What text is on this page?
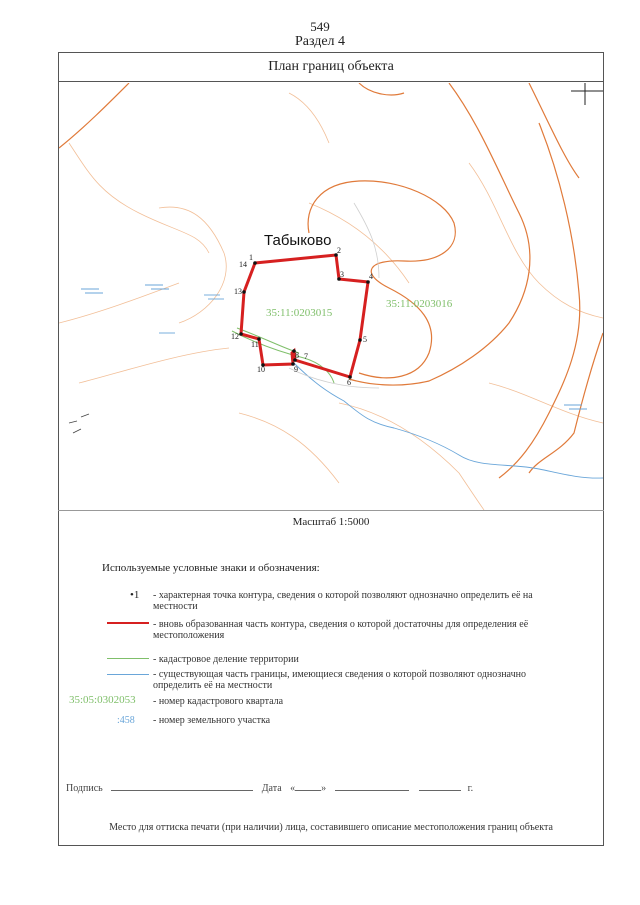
549
Раздел 4
План границ объекта
1
2
3	4
5
6
7
8
9
10
11
12
13
14
Табыково
35:11:0203015
35:11:0203016
Масштаб 1:5000
Используемые условные знаки и обозначения:
•1 - характерная точка контура, сведения о которой позволяют однозначно определить её на местности
- вновь образованная часть контура, сведения о которой достаточны для определения её местоположения
- кадастровое деление территории
- существующая часть границы, имеющиеся сведения о которой позволяют однозначно определить её на местности
35:05:0302053 - номер кадастрового квартала
:458 - номер земельного участка
Подпись	Дата «	»	г.
Место для оттиска печати (при наличии) лица, составившего описание местоположения границ объекта
